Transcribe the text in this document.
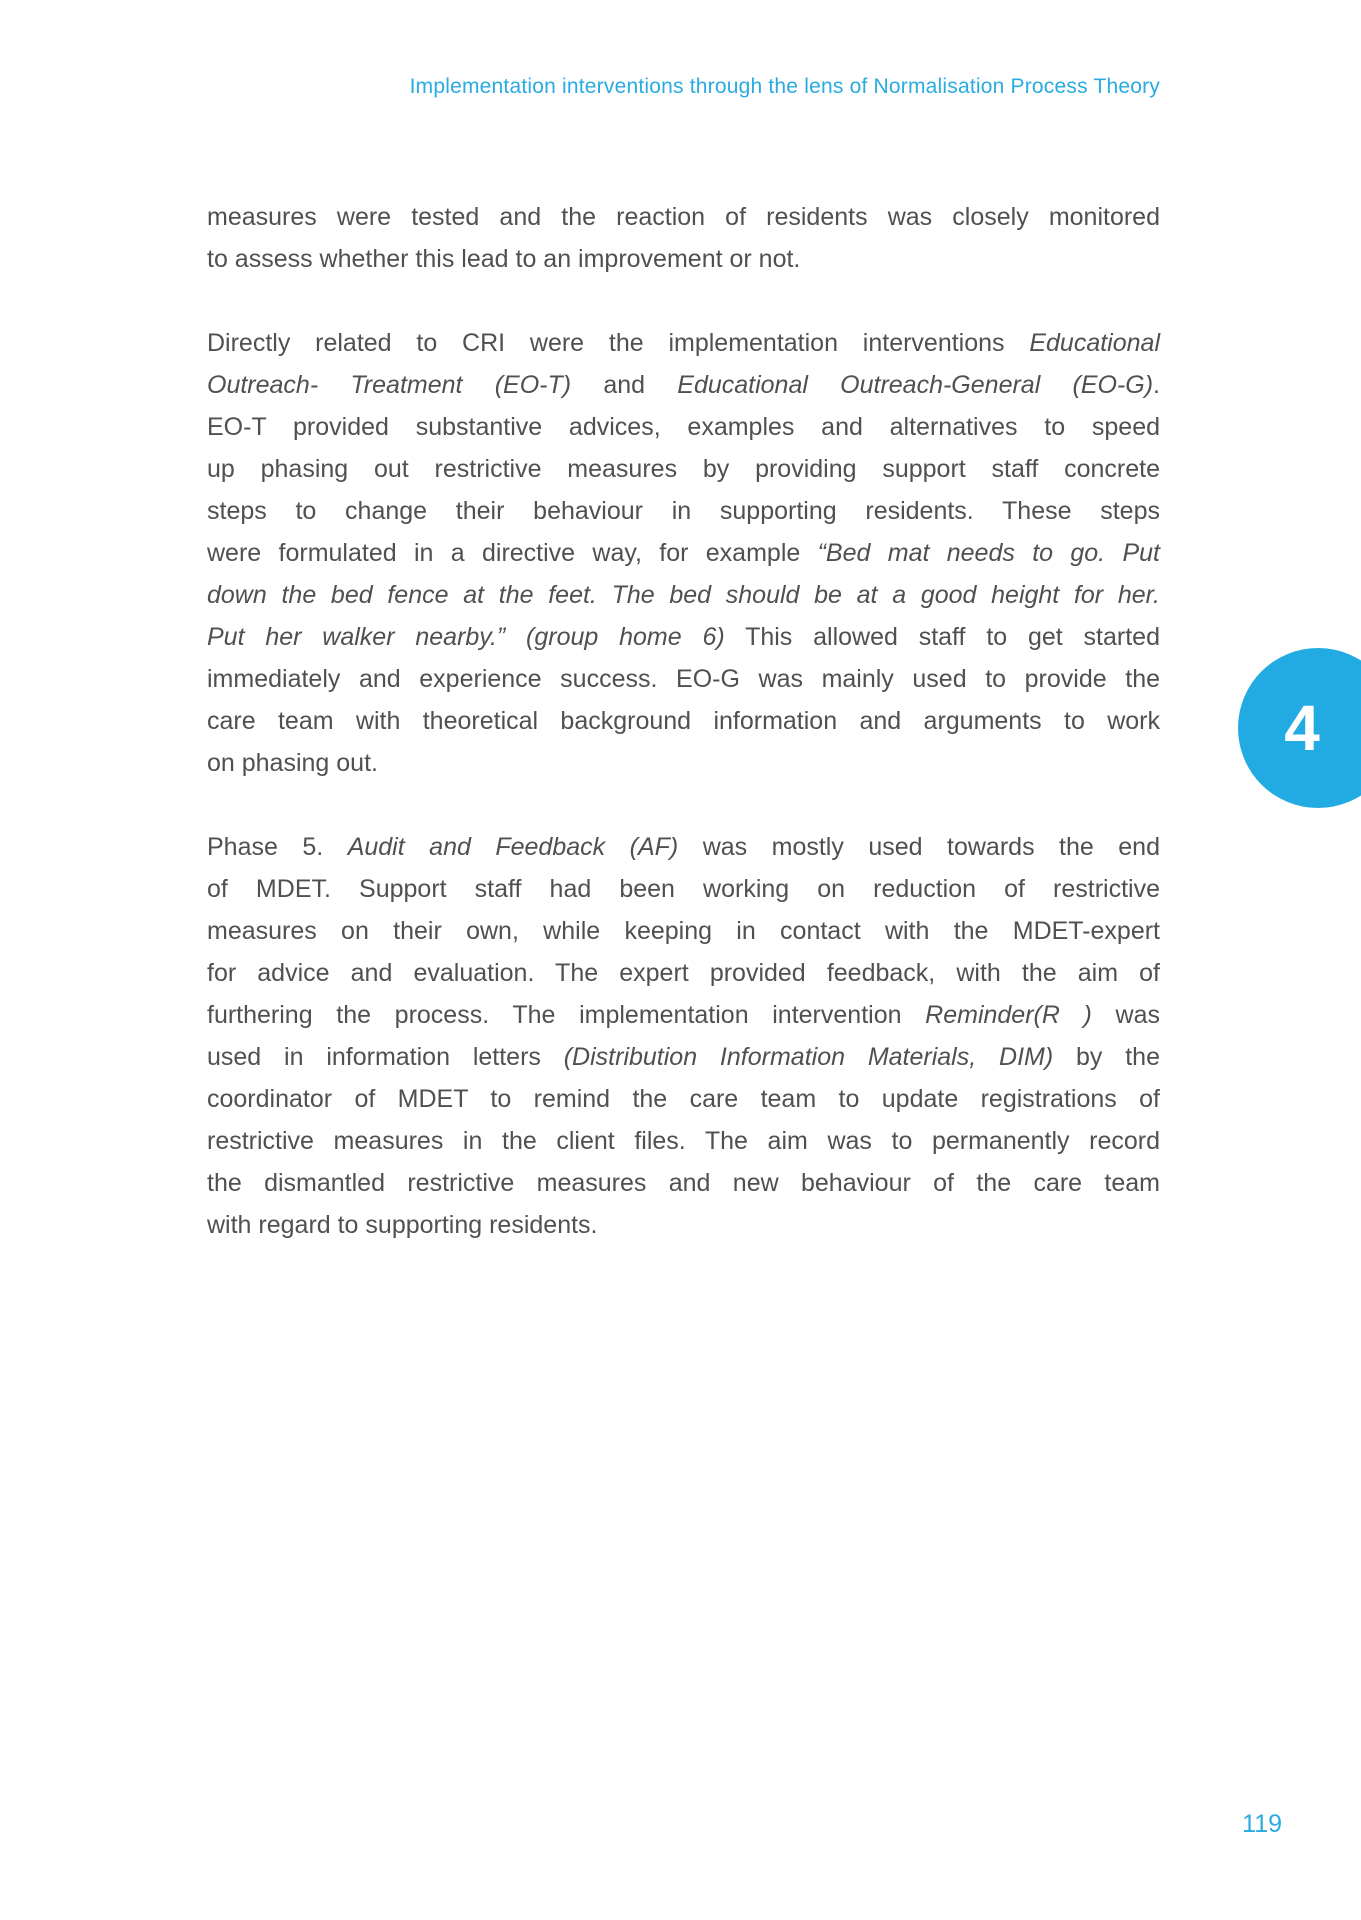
Implementation interventions through the lens of Normalisation Process Theory
measures were tested and the reaction of residents was closely monitored
to assess whether this lead to an improvement or not.
Directly related to CRI were the implementation interventions Educational
Outreach- Treatment (EO-T) and Educational Outreach-General (EO-G).
EO-T provided substantive advices, examples and alternatives to speed
up phasing out restrictive measures by providing support staff concrete
steps to change their behaviour in supporting residents. These steps
were formulated in a directive way, for example “Bed mat needs to go. Put
down the bed fence at the feet. The bed should be at a good height for her.
Put her walker nearby.” (group home 6) This allowed staff to get started
immediately and experience success. EO-G was mainly used to provide the
care team with theoretical background information and arguments to work
on phasing out.
Phase 5. Audit and Feedback (AF) was mostly used towards the end
of MDET. Support staff had been working on reduction of restrictive
measures on their own, while keeping in contact with the MDET-expert
for advice and evaluation. The expert provided feedback, with the aim of
furthering the process. The implementation intervention Reminder(R ) was
used in information letters (Distribution Information Materials, DIM) by the
coordinator of MDET to remind the care team to update registrations of
restrictive measures in the client files. The aim was to permanently record
the dismantled restrictive measures and new behaviour of the care team
with regard to supporting residents.
4
119
